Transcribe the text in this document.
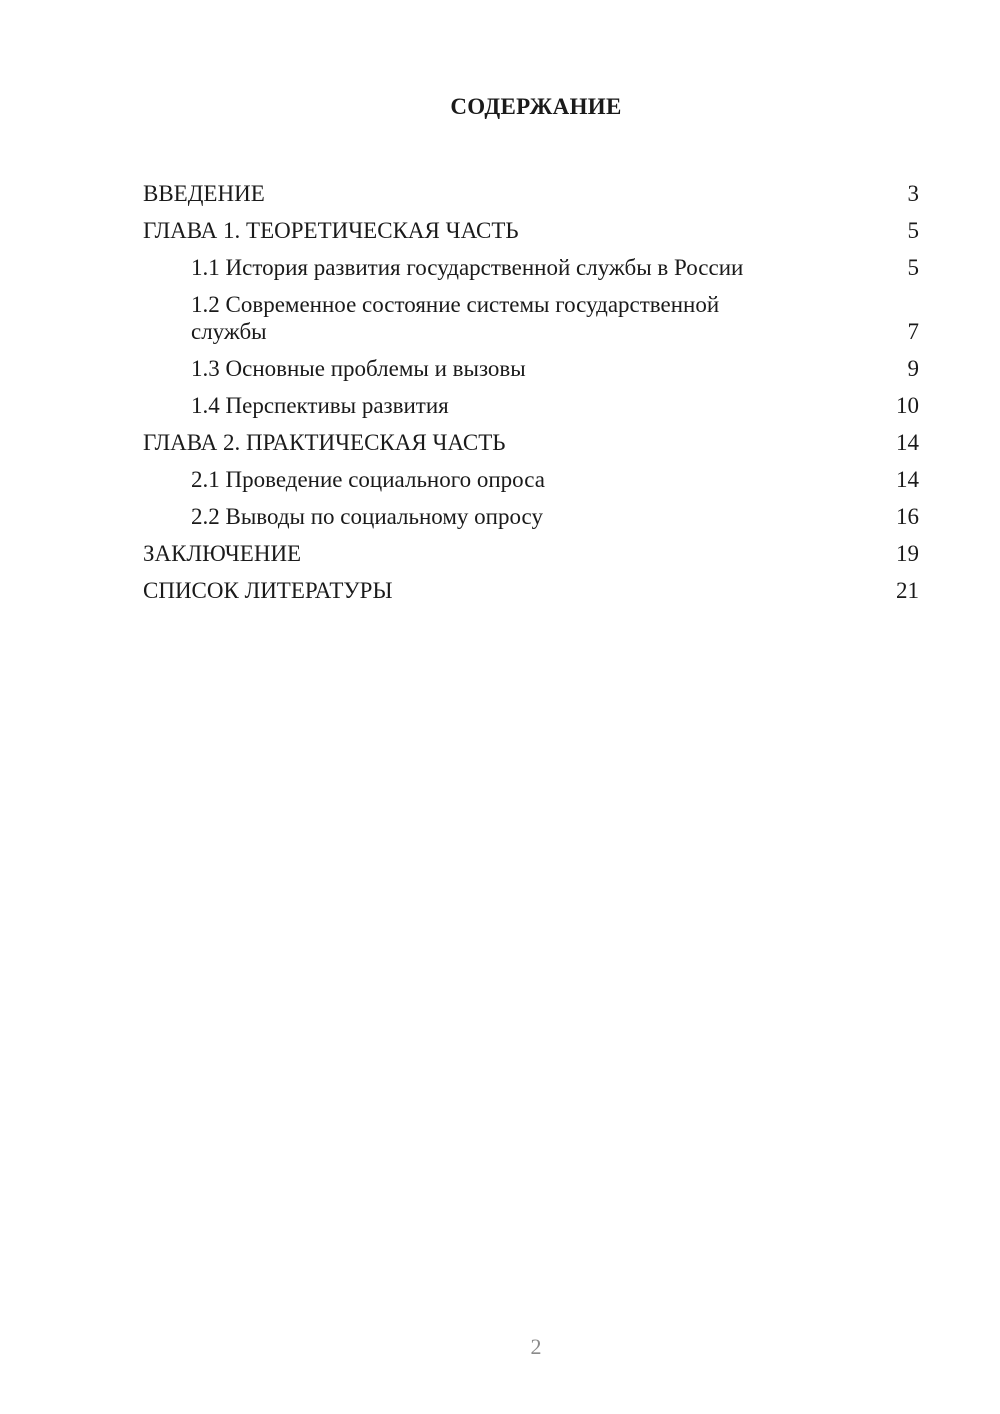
СОДЕРЖАНИЕ
ВВЕДЕНИЕ	3
ГЛАВА 1. ТЕОРЕТИЧЕСКАЯ ЧАСТЬ	5
1.1 История развития государственной службы в России	5
1.2 Современное состояние системы государственной службы	7
1.3 Основные проблемы и вызовы	9
1.4 Перспективы развития	10
ГЛАВА 2. ПРАКТИЧЕСКАЯ ЧАСТЬ	14
2.1 Проведение социального опроса	14
2.2 Выводы по социальному опросу	16
ЗАКЛЮЧЕНИЕ	19
СПИСОК ЛИТЕРАТУРЫ	21
2
